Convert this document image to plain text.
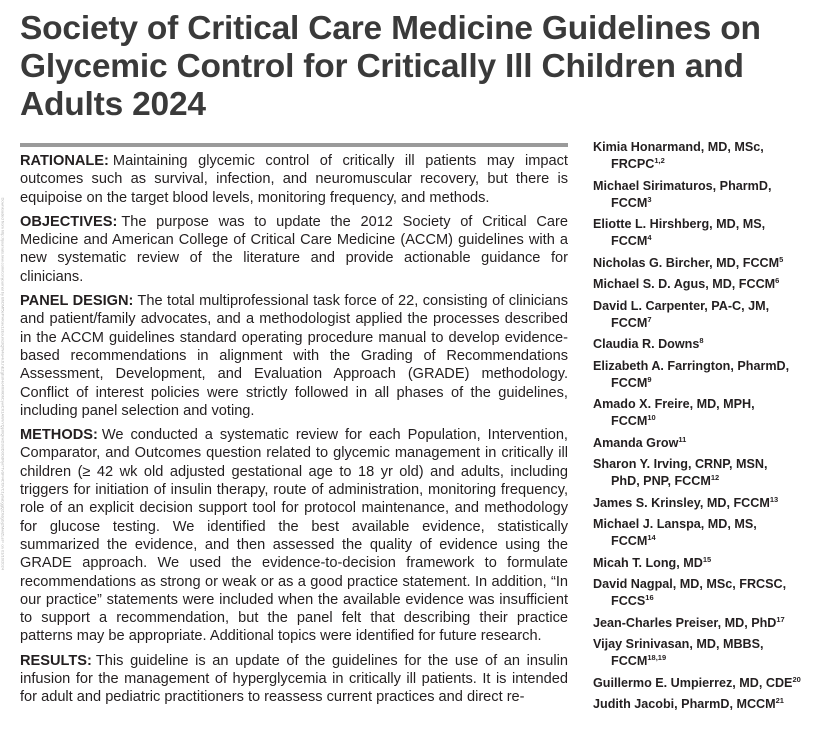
Society of Critical Care Medicine Guidelines on Glycemic Control for Critically Ill Children and Adults 2024
Downloaded from http://journals.lww.com/ccmjournal by BhDMf5ePHKav1zEoum1tQfN4a+kJLhEZgbsIHo4XMi0hCywCX1AWnYQp/IlQrHD3i3D0OdRyi7TvSFl4Cf3VC1y0abggQZXdgGj2MwlZLeI= on 01/10/2024

RATIONALE: Maintaining glycemic control of critically ill patients may impact outcomes such as survival, infection, and neuromuscular recovery, but there is equipoise on the target blood levels, monitoring frequency, and methods.

OBJECTIVES: The purpose was to update the 2012 Society of Critical Care Medicine and American College of Critical Care Medicine (ACCM) guidelines with a new systematic review of the literature and provide actionable guidance for clinicians.

PANEL DESIGN: The total multiprofessional task force of 22, consisting of clinicians and patient/family advocates, and a methodologist applied the processes described in the ACCM guidelines standard operating procedure manual to develop evidence-based recommendations in alignment with the Grading of Recommendations Assessment, Development, and Evaluation Approach (GRADE) methodology. Conflict of interest policies were strictly followed in all phases of the guidelines, including panel selection and voting.

METHODS: We conducted a systematic review for each Population, Intervention, Comparator, and Outcomes question related to glycemic management in critically ill children (≥ 42 wk old adjusted gestational age to 18 yr old) and adults, including triggers for initiation of insulin therapy, route of administration, monitoring frequency, role of an explicit decision support tool for protocol maintenance, and methodology for glucose testing. We identified the best available evidence, statistically summarized the evidence, and then assessed the quality of evidence using the GRADE approach. We used the evidence-to-decision framework to formulate recommendations as strong or weak or as a good practice statement. In addition, “In our practice” statements were included when the available evidence was insufficient to support a recommendation, but the panel felt that describing their practice patterns may be appropriate. Additional topics were identified for future research.

RESULTS: This guideline is an update of the guidelines for the use of an insulin infusion for the management of hyperglycemia in critically ill patients. It is intended for adult and pediatric practitioners to reassess current practices and direct re-

Kimia Honarmand, MD, MSc,
FRCPC$^{1,2}$
Michael Sirimaturos, PharmD,
FCCM$^3$
Eliotte L. Hirshberg, MD, MS,
FCCM$^4$
Nicholas G. Bircher, MD, FCCM$^5$
Michael S. D. Agus, MD, FCCM$^6$
David L. Carpenter, PA-C, JM,
FCCM$^7$
Claudia R. Downs$^8$
Elizabeth A. Farrington, PharmD,
FCCM$^9$
Amado X. Freire, MD, MPH,
FCCM$^{10}$
Amanda Grow$^{11}$
Sharon Y. Irving, CRNP, MSN,
PhD, PNP, FCCM$^{12}$
James S. Krinsley, MD, FCCM$^{13}$
Michael J. Lanspa, MD, MS,
FCCM$^{14}$
Micah T. Long, MD$^{15}$
David Nagpal, MD, MSc, FRCSC,
FCCS$^{16}$
Jean-Charles Preiser, MD, PhD$^{17}$
Vijay Srinivasan, MD, MBBS,
FCCM$^{18,19}$
Guillermo E. Umpierrez, MD, CDE$^{20}$
Judith Jacobi, PharmD, MCCM$^{21}$
